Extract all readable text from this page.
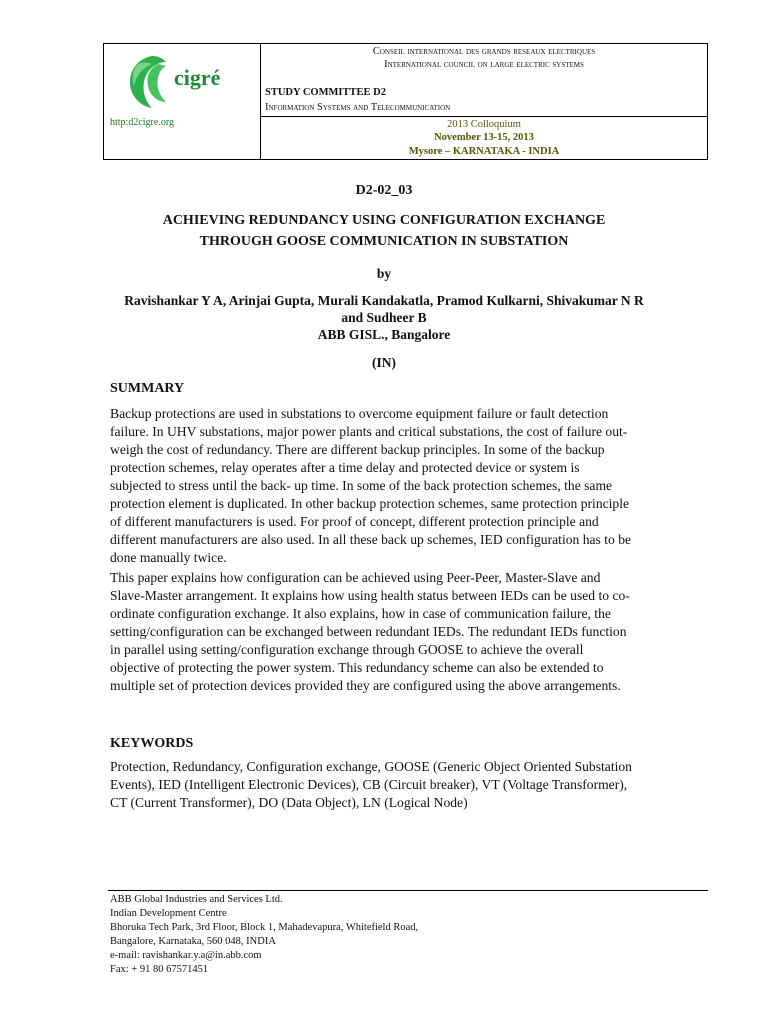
cigré
http:d2cigre.org
Conseil international des grands reseaux electriques
International council on large electric systems
STUDY COMMITTEE D2
Information Systems and Telecommunication
2013 Colloquium
November 13-15, 2013
Mysore – KARNATAKA - INDIA
D2-02_03
ACHIEVING REDUNDANCY USING CONFIGURATION EXCHANGE
THROUGH GOOSE COMMUNICATION IN SUBSTATION
by
Ravishankar Y A, Arinjai Gupta, Murali Kandakatla, Pramod Kulkarni, Shivakumar N R
and Sudheer B
ABB GISL., Bangalore
(IN)
SUMMARY
Backup protections are used in substations to overcome equipment failure or fault detection
failure. In UHV substations, major power plants and critical substations, the cost of failure out-
weigh the cost of redundancy. There are different backup principles. In some of the backup
protection schemes, relay operates after a time delay and protected device or system is
subjected to stress until the back- up time. In some of the back protection schemes, the same
protection element is duplicated. In other backup protection schemes, same protection principle
of different manufacturers is used. For proof of concept, different protection principle and
different manufacturers are also used. In all these back up schemes, IED configuration has to be
done manually twice.
This paper explains how configuration can be achieved using Peer-Peer, Master-Slave and
Slave-Master arrangement. It explains how using health status between IEDs can be used to co-
ordinate configuration exchange. It also explains, how in case of communication failure, the
setting/configuration can be exchanged between redundant IEDs. The redundant IEDs function
in parallel using setting/configuration exchange through GOOSE to achieve the overall
objective of protecting the power system. This redundancy scheme can also be extended to
multiple set of protection devices provided they are configured using the above arrangements.
KEYWORDS
Protection, Redundancy, Configuration exchange, GOOSE (Generic Object Oriented Substation
Events), IED (Intelligent Electronic Devices), CB (Circuit breaker), VT (Voltage Transformer),
CT (Current Transformer), DO (Data Object), LN (Logical Node)
ABB Global Industries and Services Ltd.
Indian Development Centre
Bhoruka Tech Park, 3rd Floor, Block 1, Mahadevapura, Whitefield Road,
Bangalore, Karnataka, 560 048, INDIA
e-mail: ravishankar.y.a@in.abb.com
Fax: + 91 80 67571451
